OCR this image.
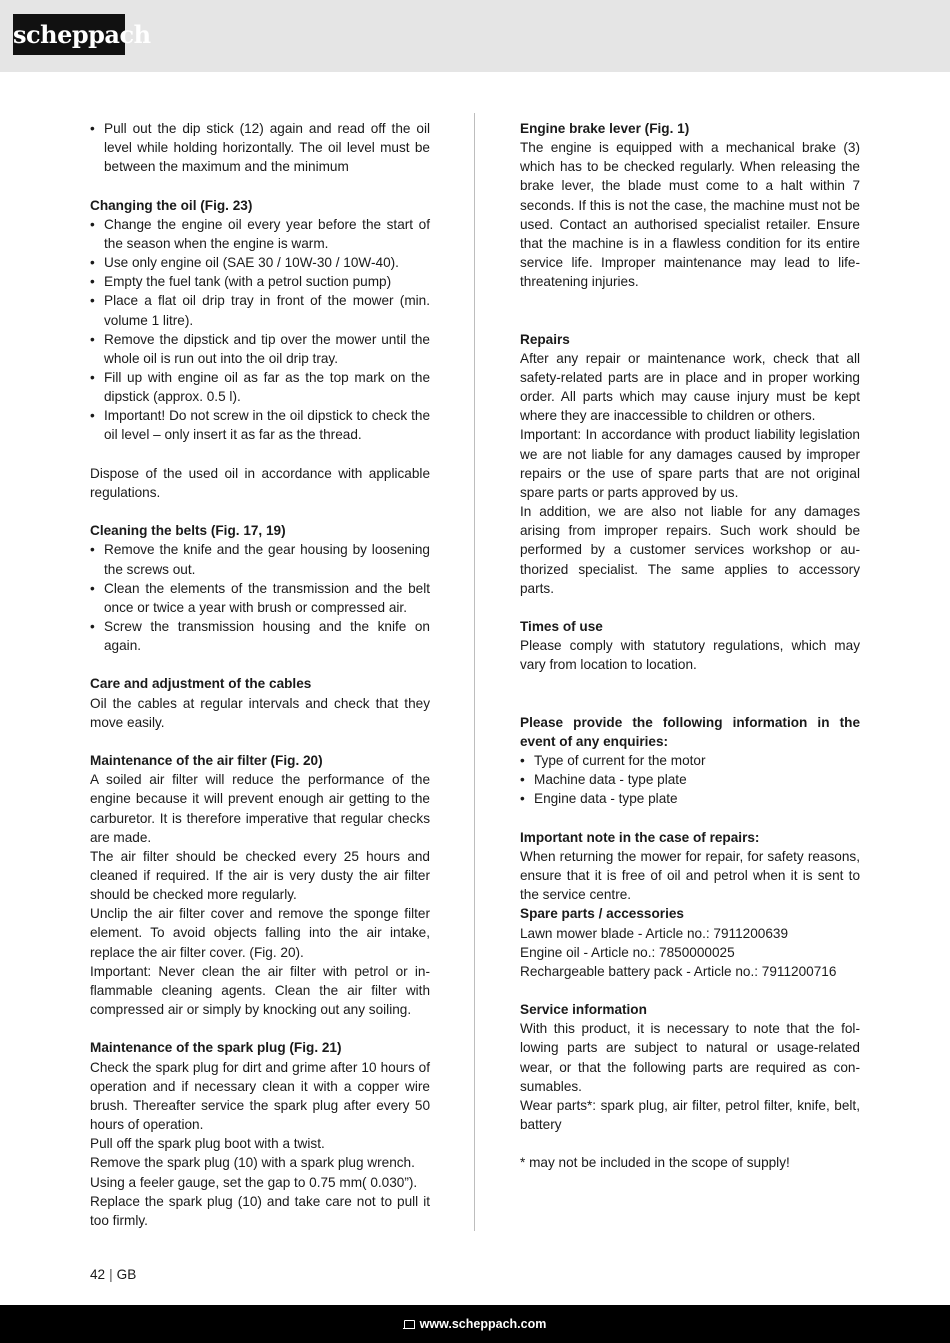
scheppach
• Pull out the dip stick (12) again and read off the oil level while holding horizontally. The oil level must be between the maximum and the minimum
Changing the oil (Fig. 23)
• Change the engine oil every year before the start of the season when the engine is warm.
• Use only engine oil (SAE 30 / 10W-30 / 10W-40).
• Empty the fuel tank (with a petrol suction pump)
• Place a flat oil drip tray in front of the mower (min. volume 1 litre).
• Remove the dipstick and tip over the mower until the whole oil is run out into the oil drip tray.
• Fill up with engine oil as far as the top mark on the dipstick (approx. 0.5 l).
• Important! Do not screw in the oil dipstick to check the oil level – only insert it as far as the thread.

Dispose of the used oil in accordance with applicable regulations.

Cleaning the belts (Fig. 17, 19)
• Remove the knife and the gear housing by loosening the screws out.
• Clean the elements of the transmission and the belt once or twice a year with brush or compressed air.
• Screw the transmission housing and the knife on again.
Care and adjustment of the cables

Oil the cables at regular intervals and check that they move easily.

Maintenance of the air filter (Fig. 20)

A soiled air filter will reduce the performance of the engine because it will prevent enough air getting to the carburetor. It is therefore imperative that regular checks are made.

The air filter should be checked every 25 hours and cleaned if required. If the air is very dusty the air filter should be checked more regularly.

Unclip the air filter cover and remove the sponge filter element. To avoid objects falling into the air intake, replace the air filter cover. (Fig. 20).

Important: Never clean the air filter with petrol or inflammable cleaning agents. Clean the air filter with compressed air or simply by knocking out any soiling.

Maintenance of the spark plug (Fig. 21)

Check the spark plug for dirt and grime after 10 hours of operation and if necessary clean it with a copper wire brush. Thereafter service the spark plug after every 50 hours of operation.

Pull off the spark plug boot with a twist.

Remove the spark plug (10) with a spark plug wrench.

Using a feeler gauge, set the gap to 0.75 mm( 0.030”).

Replace the spark plug (10) and take care not to pull it too firmly.

Engine brake lever (Fig. 1)

The engine is equipped with a mechanical brake (3) which has to be checked regularly. When releasing the brake lever, the blade must come to a halt within 7 seconds. If this is not the case, the machine must not be used. Contact an authorised specialist retailer. Ensure that the machine is in a flawless condition for its entire service life. Improper maintenance may lead to life-threatening injuries.

Repairs

After any repair or maintenance work, check that all safety-related parts are in place and in proper working order. All parts which may cause injury must be kept where they are inaccessible to children or others.

Important: In accordance with product liability legislation we are not liable for any damages caused by improper repairs or the use of spare parts that are not original spare parts or parts approved by us.

In addition, we are also not liable for any damages arising from improper repairs. Such work should be performed by a customer services workshop or authorized specialist. The same applies to accessory parts.

Times of use

Please comply with statutory regulations, which may vary from location to location.

Please provide the following information in the event of any enquiries:
• Type of current for the motor
• Machine data - type plate
• Engine data - type plate
Important note in the case of repairs:

When returning the mower for repair, for safety reasons, ensure that it is free of oil and petrol when it is sent to the service centre.

Spare parts / accessories

Lawn mower blade - Article no.: 7911200639

Engine oil - Article no.: 7850000025

Rechargeable battery pack - Article no.: 7911200716

Service information

With this product, it is necessary to note that the following parts are subject to natural or usage-related wear, or that the following parts are required as consumables.

Wear parts*: spark plug, air filter, petrol filter, knife, belt, battery

* may not be included in the scope of supply!

42 | GB
www.scheppach.com
